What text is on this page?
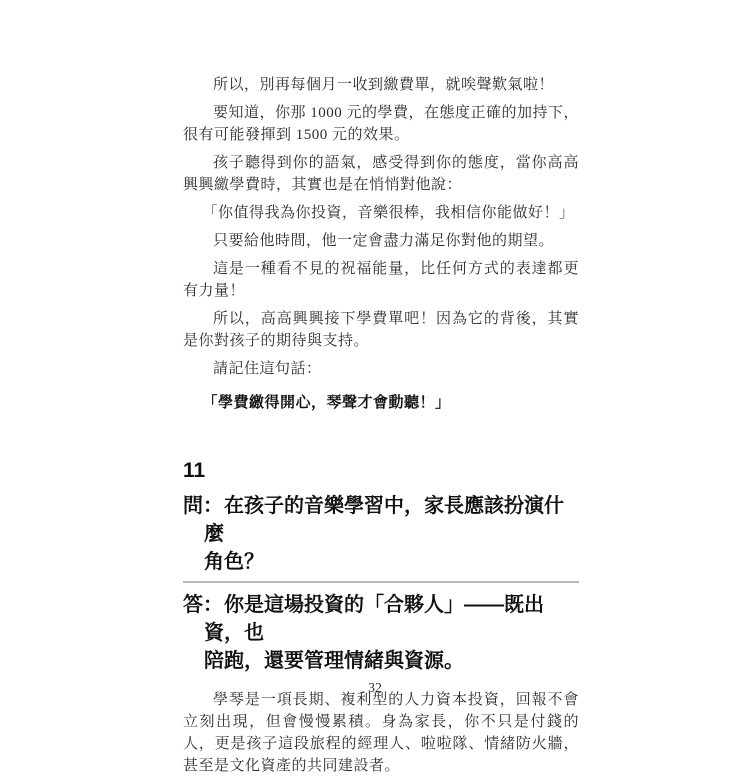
所以，別再每個月一收到繳費單，就唉聲歎氣啦！

要知道，你那 1000 元的學費，在態度正確的加持下，很有可能發揮到 1500 元的效果。

孩子聽得到你的語氣，感受得到你的態度，當你高高興興繳學費時，其實也是在悄悄對他說：

「你值得我為你投資，音樂很棒，我相信你能做好！」

只要給他時間，他一定會盡力滿足你對他的期望。

這是一種看不見的祝福能量，比任何方式的表達都更有力量！

所以，高高興興接下學費單吧！因為它的背後，其實是你對孩子的期待與支持。

請記住這句話：

「學費繳得開心，琴聲才會動聽！」

11
問： 在孩子的音樂學習中，家長應該扮演什麼
角色？
答： 你是這場投資的「合夥人」——既出資，也
陪跑，還要管理情緒與資源。

學琴是一項長期、複利型的人力資本投資，回報不會立刻出現，但會慢慢累積。身為家長，你不只是付錢的人，更是孩子這段旅程的經理人、啦啦隊、情緒防火牆，甚至是文化資產的共同建設者。

32
